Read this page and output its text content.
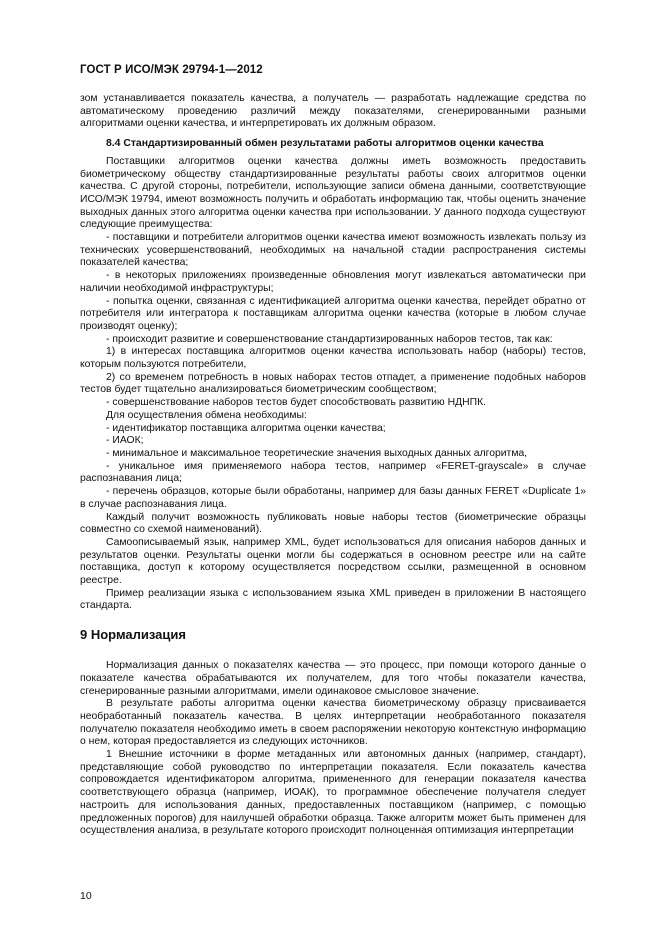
ГОСТ Р ИСО/МЭК 29794-1—2012

зом устанавливается показатель качества, а получатель — разработать надлежащие средства по автоматическому проведению различий между показателями, сгенерированными разными алгоритмами оценки качества, и интерпретировать их должным образом.

8.4 Стандартизированный обмен результатами работы алгоритмов оценки качества

Поставщики алгоритмов оценки качества должны иметь возможность предоставить биометрическому обществу стандартизированные результаты работы своих алгоритмов оценки качества. С другой стороны, потребители, использующие записи обмена данными, соответствующие ИСО/МЭК 19794, имеют возможность получить и обработать информацию так, чтобы оценить значение выходных данных этого алгоритма оценки качества при использовании. У данного подхода существуют следующие преимущества:

- поставщики и потребители алгоритмов оценки качества имеют возможность извлекать пользу из технических усовершенствований, необходимых на начальной стадии распространения системы показателей качества;

- в некоторых приложениях произведенные обновления могут извлекаться автоматически при наличии необходимой инфраструктуры;

- попытка оценки, связанная с идентификацией алгоритма оценки качества, перейдет обратно от потребителя или интегратора к поставщикам алгоритма оценки качества (которые в любом случае производят оценку);

- происходит развитие и совершенствование стандартизированных наборов тестов, так как:

1) в интересах поставщика алгоритмов оценки качества использовать набор (наборы) тестов, которым пользуются потребители,

2) со временем потребность в новых наборах тестов отпадет, а применение подобных наборов тестов будет тщательно анализироваться биометрическим сообществом;

- совершенствование наборов тестов будет способствовать развитию НДНПК.

Для осуществления обмена необходимы:

- идентификатор поставщика алгоритма оценки качества;

- ИАОК;

- минимальное и максимальное теоретические значения выходных данных алгоритма,

- уникальное имя применяемого набора тестов, например «FERET-grayscale» в случае распознавания лица;

- перечень образцов, которые были обработаны, например для базы данных FERET «Duplicate 1» в случае распознавания лица.

Каждый получит возможность публиковать новые наборы тестов (биометрические образцы совместно со схемой наименований).

Самоописываемый язык, например XML, будет использоваться для описания наборов данных и результатов оценки. Результаты оценки могли бы содержаться в основном реестре или на сайте поставщика, доступ к которому осуществляется посредством ссылки, размещенной в основном реестре.

Пример реализации языка с использованием языка XML приведен в приложении В настоящего стандарта.

9 Нормализация

Нормализация данных о показателях качества — это процесс, при помощи которого данные о показателе качества обрабатываются их получателем, для того чтобы показатели качества, сгенерированные разными алгоритмами, имели одинаковое смысловое значение.

В результате работы алгоритма оценки качества биометрическому образцу присваивается необработанный показатель качества. В целях интерпретации необработанного показателя получателю показателя необходимо иметь в своем распоряжении некоторую контекстную информацию о нем, которая предоставляется из следующих источников.

1 Внешние источники в форме метаданных или автономных данных (например, стандарт), представляющие собой руководство по интерпретации показателя. Если показатель качества сопровождается идентификатором алгоритма, примененного для генерации показателя качества соответствующего образца (например, ИОАК), то программное обеспечение получателя следует настроить для использования данных, предоставленных поставщиком (например, с помощью предложенных порогов) для наилучшей обработки образца. Также алгоритм может быть применен для осуществления анализа, в результате которого происходит полноценная оптимизация интерпретации

10
